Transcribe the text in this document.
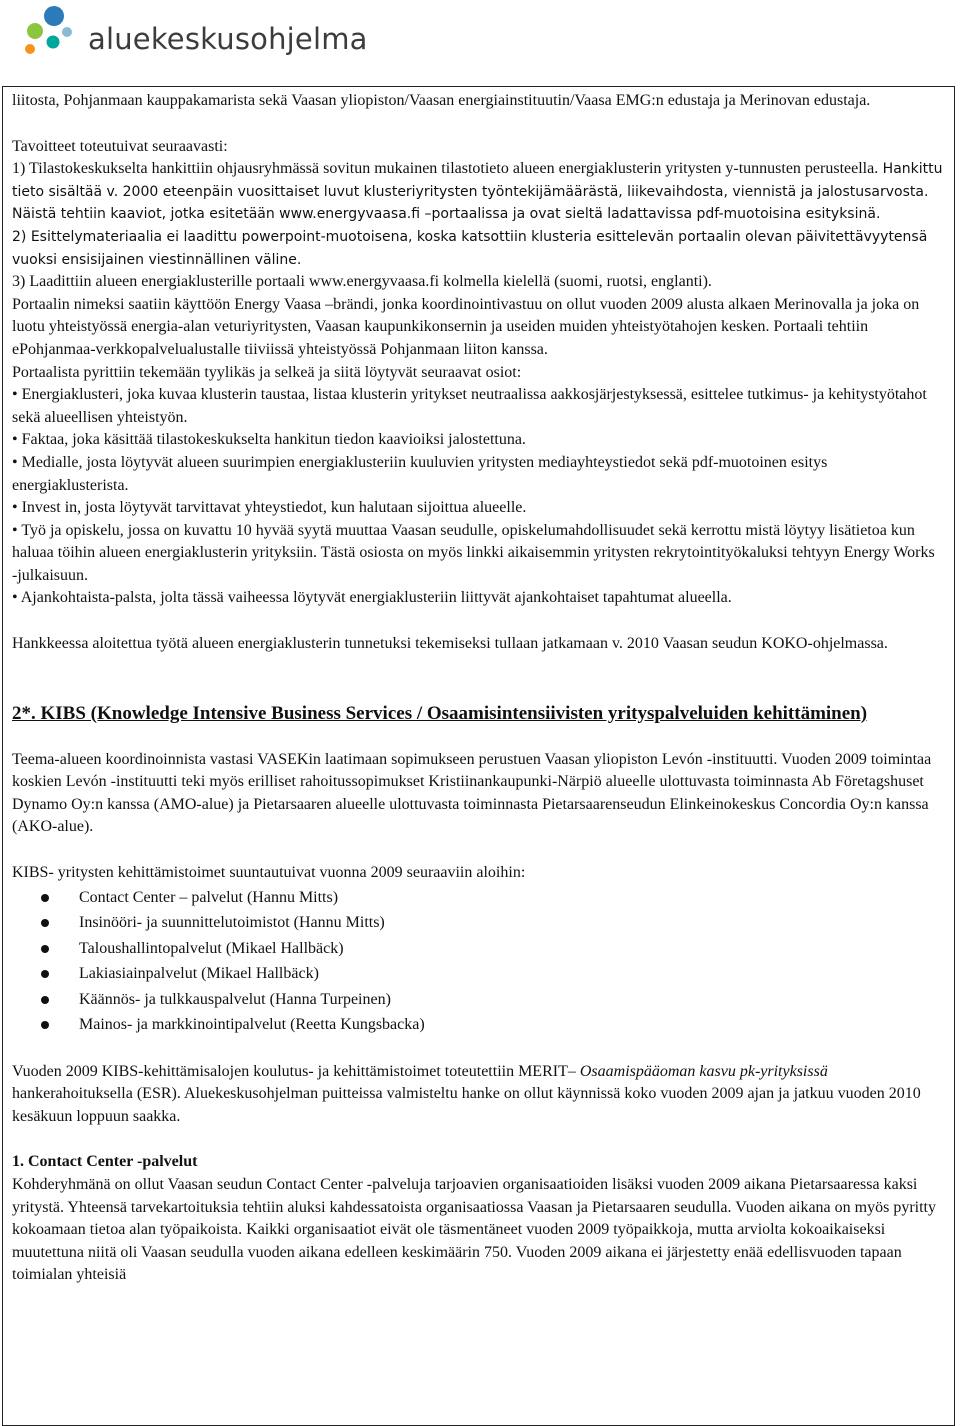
aluekeskusohjelma

liitosta, Pohjanmaan kauppakamarista sekä Vaasan yliopiston/Vaasan energiainstituutin/Vaasa EMG:n edustaja ja Merinovan edustaja.

Tavoitteet toteutuivat seuraavasti:

1) Tilastokeskukselta hankittiin ohjausryhmässä sovitun mukainen tilastotieto alueen energiaklusterin yritysten y-tunnusten perusteella. Hankittu tieto sisältää v. 2000 eteenpäin vuosittaiset luvut klusteriyritysten työntekijämäärästä, liikevaihdosta, viennistä ja jalostusarvosta. Näistä tehtiin kaaviot, jotka esitetään www.energyvaasa.fi –portaalissa ja ovat sieltä ladattavissa pdf-muotoisina esityksinä.

2) Esittelymateriaalia ei laadittu powerpoint-muotoisena, koska katsottiin klusteria esittelevän portaalin olevan päivitettävyytensä vuoksi ensisijainen viestinnällinen väline.

3) Laadittiin alueen energiaklusterille portaali www.energyvaasa.fi kolmella kielellä (suomi, ruotsi, englanti).

Portaalin nimeksi saatiin käyttöön Energy Vaasa –brändi, jonka koordinointivastuu on ollut vuoden 2009 alusta alkaen Merinovalla ja joka on luotu yhteistyössä energia-alan veturiyritysten, Vaasan kaupunkikonsernin ja useiden muiden yhteistyötahojen kesken. Portaali tehtiin ePohjanmaa-verkkopalvelualustalle tiiviissä yhteistyössä Pohjanmaan liiton kanssa.

Portaalista pyrittiin tekemään tyylikäs ja selkeä ja siitä löytyvät seuraavat osiot:

• Energiaklusteri, joka kuvaa klusterin taustaa, listaa klusterin yritykset neutraalissa aakkosjärjestyksessä, esittelee tutkimus- ja kehitystyötahot sekä alueellisen yhteistyön.

• Faktaa, joka käsittää tilastokeskukselta hankitun tiedon kaavioiksi jalostettuna.

• Medialle, josta löytyvät alueen suurimpien energiaklusteriin kuuluvien yritysten mediayhteystiedot sekä pdf-muotoinen esitys energiaklusterista.

• Invest in, josta löytyvät tarvittavat yhteystiedot, kun halutaan sijoittua alueelle.

• Työ ja opiskelu, jossa on kuvattu 10 hyvää syytä muuttaa Vaasan seudulle, opiskelumahdollisuudet sekä kerrottu mistä löytyy lisätietoa kun haluaa töihin alueen energiaklusterin yrityksiin. Tästä osiosta on myös linkki aikaisemmin yritysten rekrytointityökaluksi tehtyyn Energy Works -julkaisuun.

• Ajankohtaista-palsta, jolta tässä vaiheessa löytyvät energiaklusteriin liittyvät ajankohtaiset tapahtumat alueella.

Hankkeessa aloitettua työtä alueen energiaklusterin tunnetuksi tekemiseksi tullaan jatkamaan v. 2010 Vaasan seudun KOKO-ohjelmassa.

2*. KIBS (Knowledge Intensive Business Services / Osaamisintensiivisten yrityspalveluiden kehittäminen)

Teema-alueen koordinoinnista vastasi VASEKin laatimaan sopimukseen perustuen Vaasan yliopiston Levón -instituutti. Vuoden 2009 toimintaa koskien Levón -instituutti teki myös erilliset rahoitussopimukset Kristiinankaupunki-Närpiö alueelle ulottuvasta toiminnasta Ab Företagshuset Dynamo Oy:n kanssa (AMO-alue) ja Pietarsaaren alueelle ulottuvasta toiminnasta Pietarsaarenseudun Elinkeinokeskus Concordia Oy:n kanssa (AKO-alue).

KIBS- yritysten kehittämistoimet suuntautuivat vuonna 2009 seuraaviin aloihin:

Contact Center – palvelut (Hannu Mitts)
Insinööri- ja suunnittelutoimistot (Hannu Mitts)
Taloushallintopalvelut (Mikael Hallbäck)
Lakiasiainpalvelut (Mikael Hallbäck)
Käännös- ja tulkkauspalvelut (Hanna Turpeinen)
Mainos- ja markkinointipalvelut (Reetta Kungsbacka)

Vuoden 2009 KIBS-kehittämisalojen koulutus- ja kehittämistoimet toteutettiin MERIT– Osaamispääoman kasvu pk-yrityksissä hankerahoituksella (ESR). Aluekeskusohjelman puitteissa valmisteltu hanke on ollut käynnissä koko vuoden 2009 ajan ja jatkuu vuoden 2010 kesäkuun loppuun saakka.

1. Contact Center -palvelut

Kohderyhmänä on ollut Vaasan seudun Contact Center -palveluja tarjoavien organisaatioiden lisäksi vuoden 2009 aikana Pietarsaaressa kaksi yritystä. Yhteensä tarvekartoituksia tehtiin aluksi kahdessatoista organisaatiossa Vaasan ja Pietarsaaren seudulla. Vuoden aikana on myös pyritty kokoamaan tietoa alan työpaikoista. Kaikki organisaatiot eivät ole täsmentäneet vuoden 2009 työpaikkoja, mutta arviolta kokoaikaiseksi muutettuna niitä oli Vaasan seudulla vuoden aikana edelleen keskimäärin 750. Vuoden 2009 aikana ei järjestetty enää edellisvuoden tapaan toimialan yhteisiä
